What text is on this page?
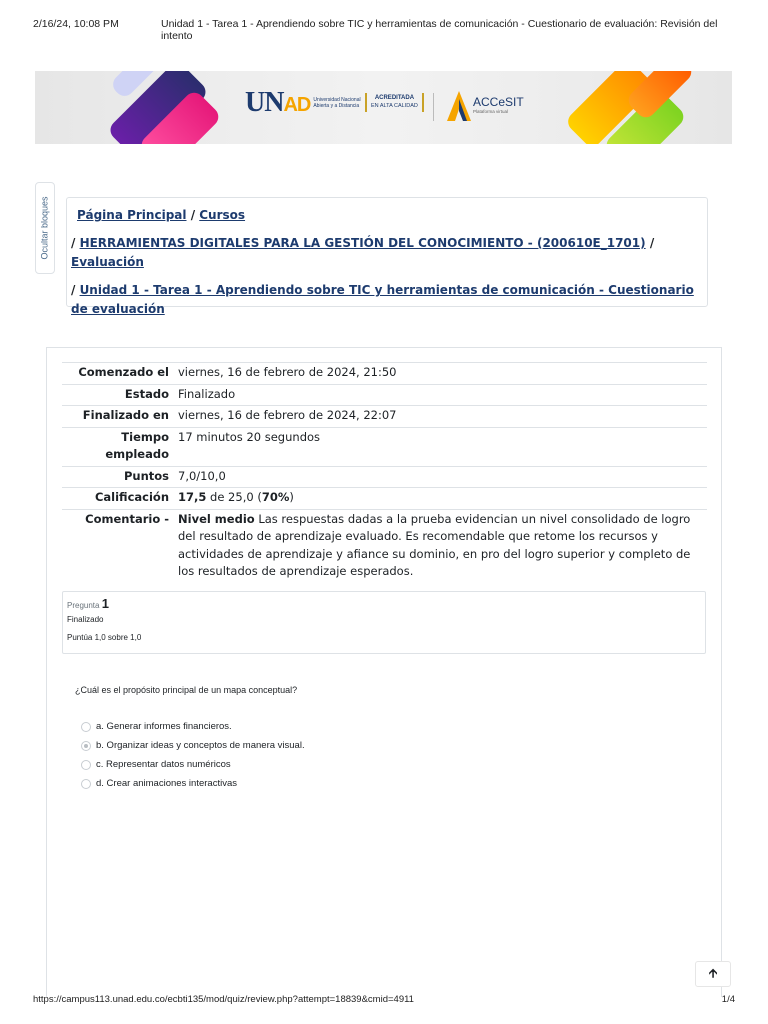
2/16/24, 10:08 PM	Unidad 1 - Tarea 1 - Aprendiendo sobre TIC y herramientas de comunicación - Cuestionario de evaluación: Revisión del intento
UNAD Universidad Nacional Abierta y a Distancia
ACREDITADA
EN ALTA CALIDAD	ACCeSIT
Plataforma virtual
Ocultar bloques	Página Principal / Cursos
/ HERRAMIENTAS DIGITALES PARA LA GESTIÓN DEL CONOCIMIENTO - (200610E_1701) / Evaluación
/ Unidad 1 - Tarea 1 - Aprendiendo sobre TIC y herramientas de comunicación - Cuestionario de evaluación
Comenzado el	viernes, 16 de febrero de 2024, 21:50
Estado	Finalizado
Finalizado en	viernes, 16 de febrero de 2024, 22:07
Tiempo
empleado	17 minutos 20 segundos
Puntos	7,0/10,0
Calificación	17,5 de 25,0 (70%)
Comentario -	Nivel medio Las respuestas dadas a la prueba evidencian un nivel consolidado de logro del resultado de aprendizaje evaluado. Es recomendable que retome los recursos y actividades de aprendizaje y afiance su dominio, en pro del logro superior y completo de los resultados de aprendizaje esperados.
Pregunta 1
Finalizado
Puntúa 1,0 sobre 1,0
¿Cuál es el propósito principal de un mapa conceptual?
a. Generar informes financieros.
b. Organizar ideas y conceptos de manera visual.
c. Representar datos numéricos
d. Crear animaciones interactivas
🡩
https://campus113.unad.edu.co/ecbti135/mod/quiz/review.php?attempt=18839&cmid=4911	1/4
